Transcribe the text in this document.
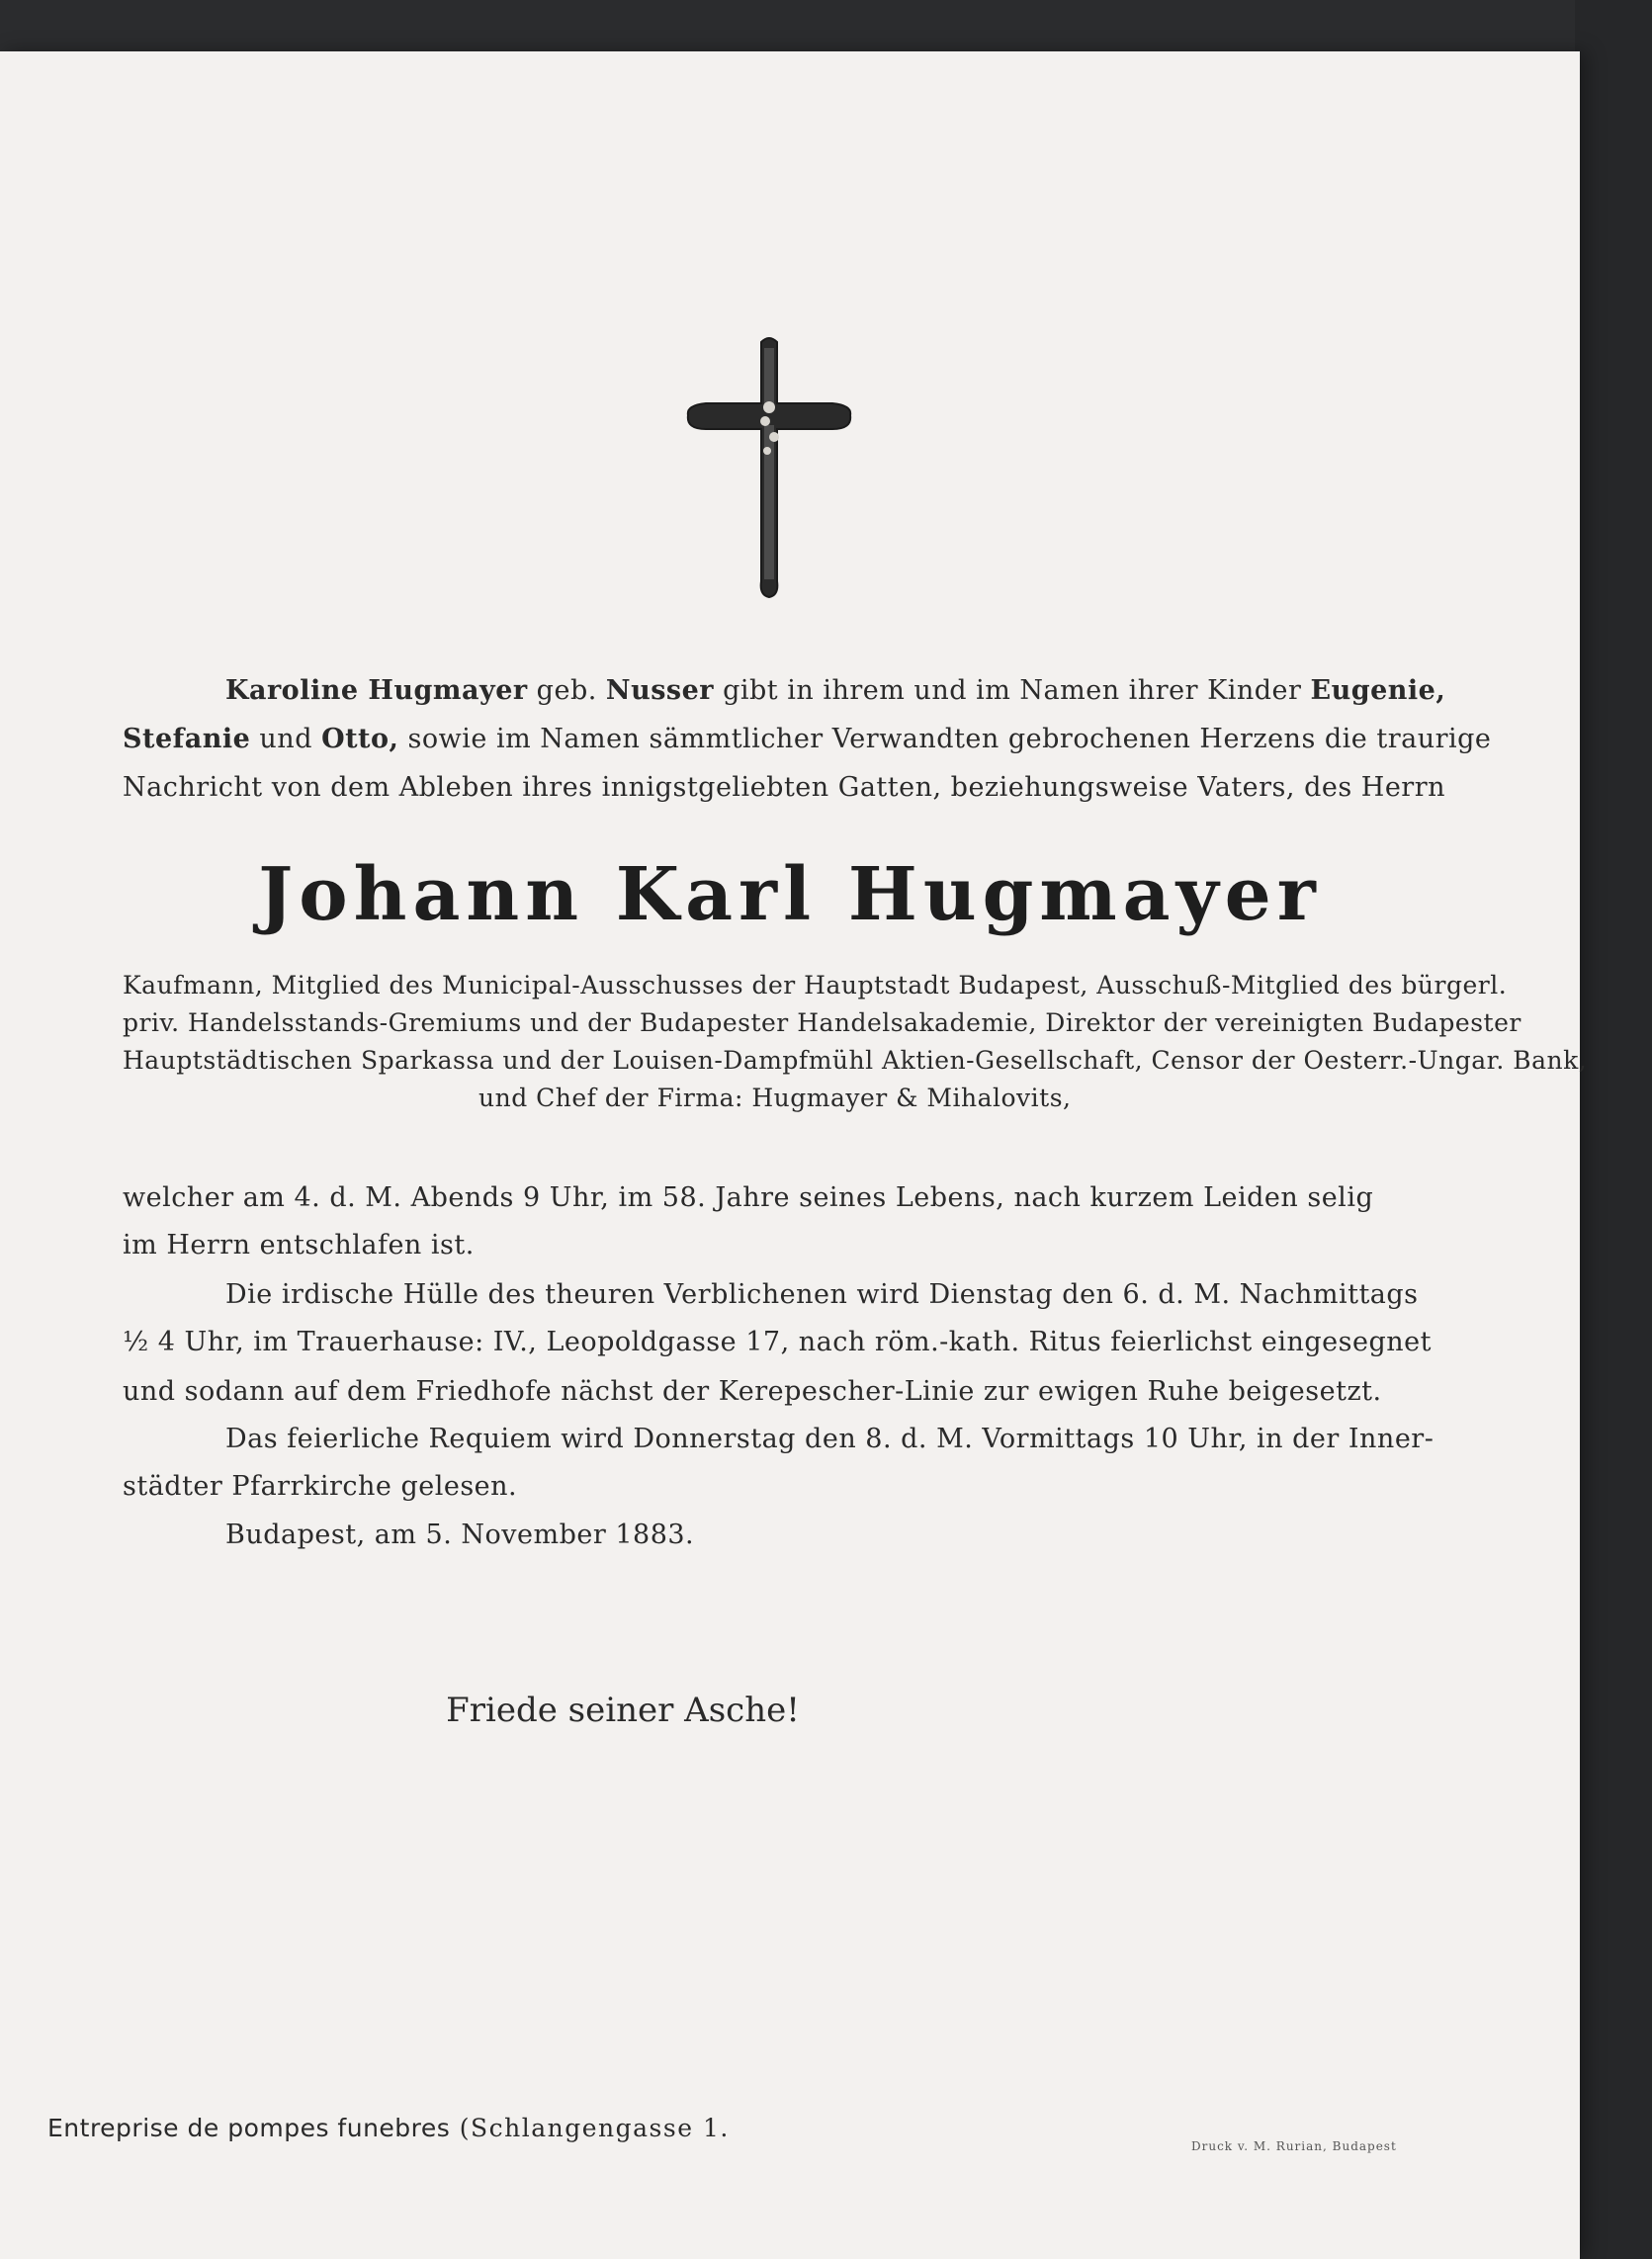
Karoline Hugmayer geb. Nusser gibt in ihrem und im Namen ihrer Kinder Eugenie,
Stefanie und Otto, sowie im Namen sämmtlicher Verwandten gebrochenen Herzens die traurige
Nachricht von dem Ableben ihres innigstgeliebten Gatten, beziehungsweise Vaters, des Herrn
Johann Karl Hugmayer
Kaufmann, Mitglied des Municipal-Ausschusses der Hauptstadt Budapest, Ausschuß-Mitglied des bürgerl.
priv. Handelsstands-Gremiums und der Budapester Handelsakademie, Direktor der vereinigten Budapester
Hauptstädtischen Sparkassa und der Louisen-Dampfmühl Aktien-Gesellschaft, Censor der Oesterr.-Ungar. Bank,
und Chef der Firma: Hugmayer & Mihalovits,
welcher am 4. d. M. Abends 9 Uhr, im 58. Jahre seines Lebens, nach kurzem Leiden selig
im Herrn entschlafen ist.
Die irdische Hülle des theuren Verblichenen wird Dienstag den 6. d. M. Nachmittags
½ 4 Uhr, im Trauerhause: IV., Leopoldgasse 17, nach röm.-kath. Ritus feierlichst eingesegnet
und sodann auf dem Friedhofe nächst der Kerepescher-Linie zur ewigen Ruhe beigesetzt.
Das feierliche Requiem wird Donnerstag den 8. d. M. Vormittags 10 Uhr, in der Inner-
städter Pfarrkirche gelesen.
Budapest, am 5. November 1883.
Friede seiner Asche!
Entreprise de pompes funebres (Schlangengasse 1.
Druck v. M. Rurian, Budapest
